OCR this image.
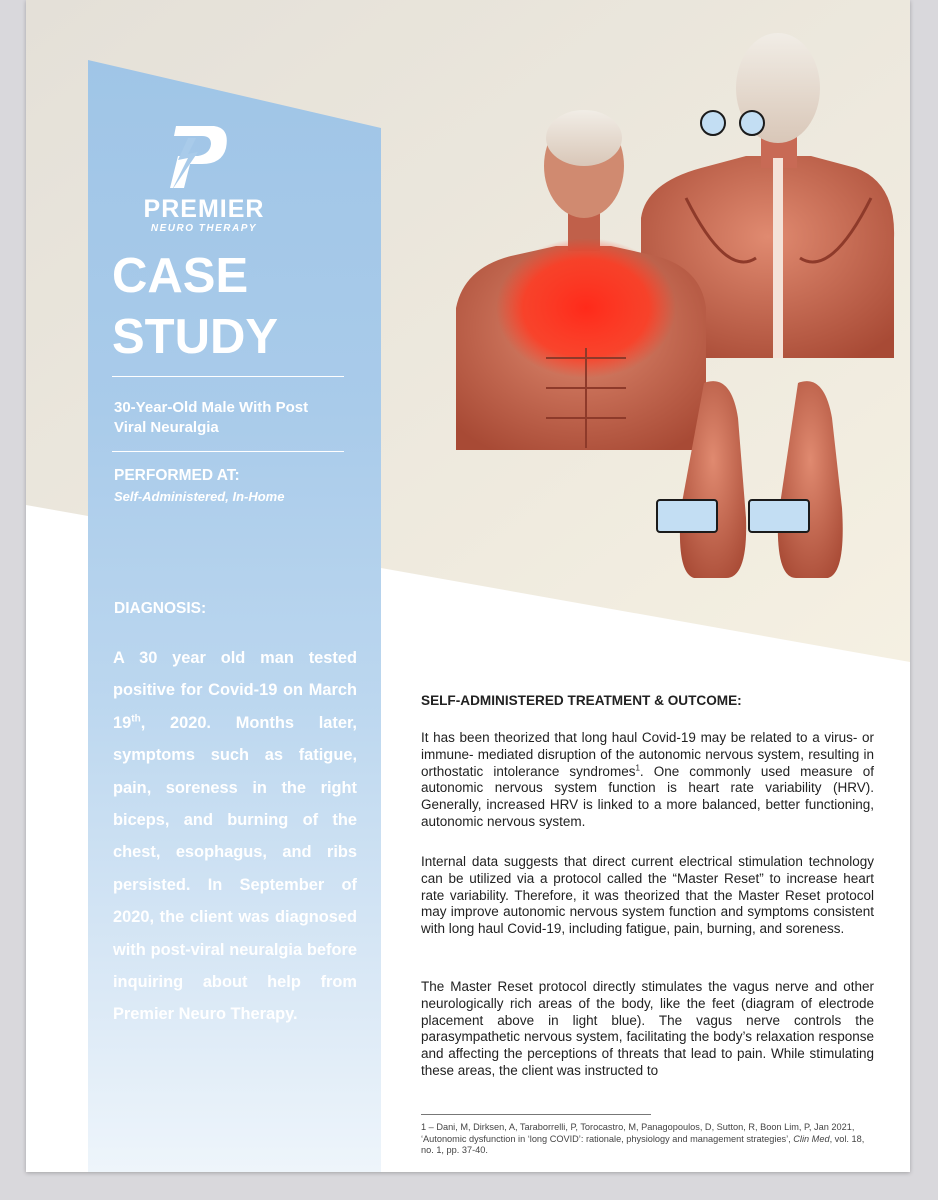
PREMIER
NEURO THERAPY
CASE
STUDY
30-Year-Old Male With Post Viral Neuralgia
PERFORMED AT:
Self-Administered, In-Home
DIAGNOSIS:

A 30 year old man tested positive for Covid-19 on March 19th, 2020. Months later, symptoms such as fatigue, pain, soreness in the right biceps, and burning of the chest, esophagus, and ribs persisted. In September of 2020, the client was diagnosed with post-viral neuralgia before inquiring about help from Premier Neuro Therapy.

SELF-ADMINISTERED TREATMENT & OUTCOME:

It has been theorized that long haul Covid-19 may be related to a virus- or immune- mediated disruption of the autonomic nervous system, resulting in orthostatic intolerance syndromes$^1$. One commonly used measure of autonomic nervous system function is heart rate variability (HRV). Generally, increased HRV is linked to a more balanced, better functioning, autonomic nervous system.

Internal data suggests that direct current electrical stimulation technology can be utilized via a protocol called the “Master Reset” to increase heart rate variability. Therefore, it was theorized that the Master Reset protocol may improve autonomic nervous system function and symptoms consistent with long haul Covid-19, including fatigue, pain, burning, and soreness.

The Master Reset protocol directly stimulates the vagus nerve and other neurologically rich areas of the body, like the feet (diagram of electrode placement above in light blue). The vagus nerve controls the parasympathetic nervous system, facilitating the body’s relaxation response and affecting the perceptions of threats that lead to pain. While stimulating these areas, the client was instructed to

1 – Dani, M, Dirksen, A, Taraborrelli, P, Torocastro, M, Panagopoulos, D, Sutton, R, Boon Lim, P, Jan 2021, ‘Autonomic dysfunction in ‘long COVID’: rationale, physiology and management strategies’, Clin Med, vol. 18, no. 1, pp. 37-40.
